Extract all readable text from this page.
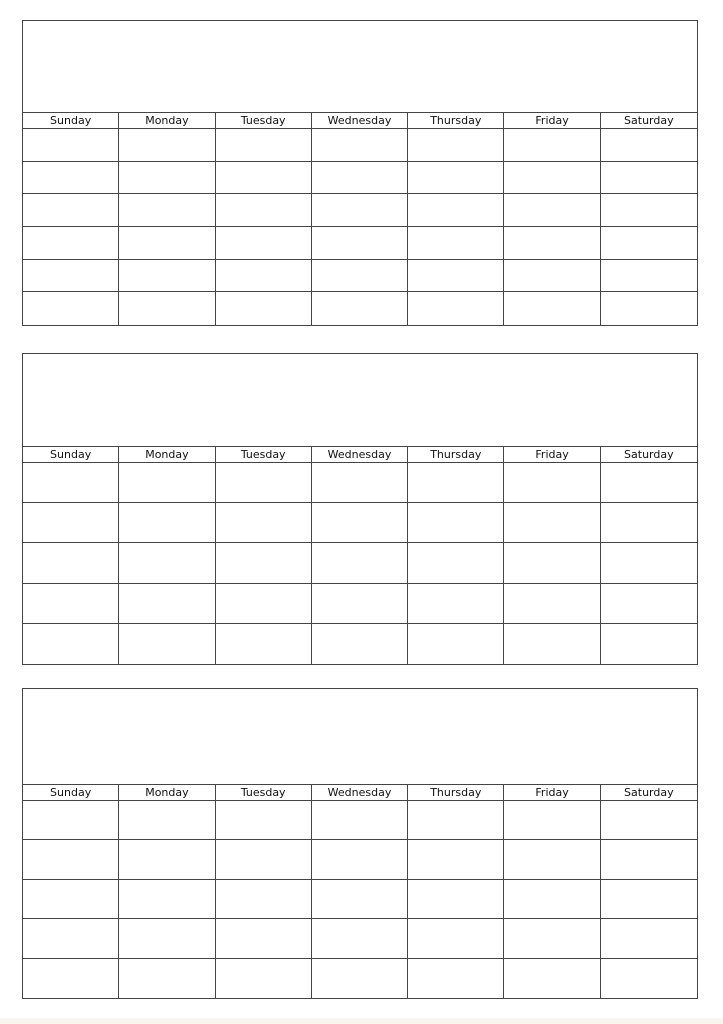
Sunday	Monday	Tuesday	Wednesday	Thursday	Friday	Saturday
Sunday	Monday	Tuesday	Wednesday	Thursday	Friday	Saturday
Sunday	Monday	Tuesday	Wednesday	Thursday	Friday	Saturday
